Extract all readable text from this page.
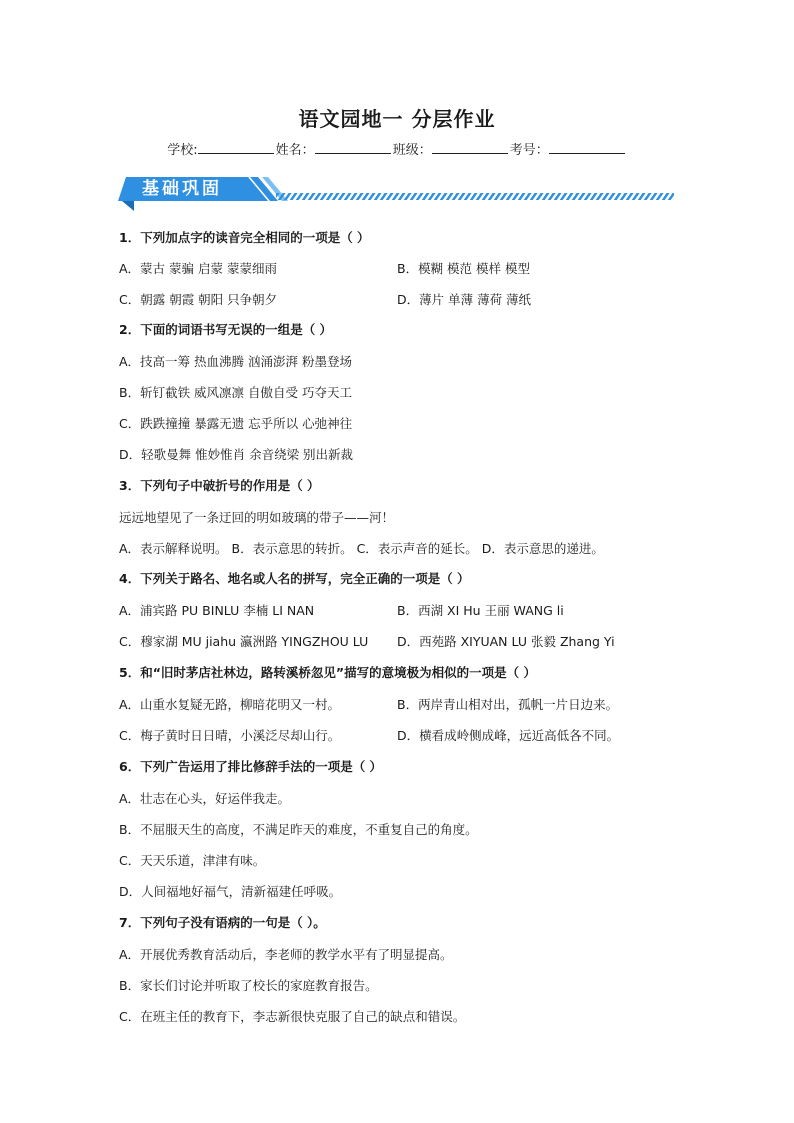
语文园地一 分层作业
学校:	姓名：	班级：	考号：
基础巩固
1．下列加点字的读音完全相同的一项是（ ）
A．蒙古 蒙骗 启蒙 蒙蒙细雨	B．模糊 模范 模样 模型
C．朝露 朝霞 朝阳 只争朝夕	D．薄片 单薄 薄荷 薄纸
2．下面的词语书写无误的一组是（ ）
A．技高一筹 热血沸腾 汹涌澎湃 粉墨登场
B．斩钉截铁 威风凛凛 自傲自受 巧夺天工
C．跌跌撞撞 暴露无遗 忘乎所以 心弛神往
D．轻歌曼舞 惟妙惟肖 余音绕梁 别出新裁
3．下列句子中破折号的作用是（ ）
远远地望见了一条迂回的明如玻璃的带子——河！
A．表示解释说明。 B．表示意思的转折。 C．表示声音的延长。 D．表示意思的递进。
4．下列关于路名、地名或人名的拼写，完全正确的一项是（ ）
A．浦宾路 PU BINLU 李楠 LI NAN	B．西湖 XI Hu 王丽 WANG li
C．穆家湖 MU jiahu 瀛洲路 YINGZHOU LU D．西苑路 XIYUAN LU 张毅 Zhang Yi
5．和“旧时茅店社林边，路转溪桥忽见”描写的意境极为相似的一项是（ ）
A．山重水复疑无路，柳暗花明又一村。	B．两岸青山相对出，孤帆一片日边来。
C．梅子黄时日日晴，小溪泛尽却山行。	D．横看成岭侧成峰，远近高低各不同。
6．下列广告运用了排比修辞手法的一项是（ ）
A．壮志在心头，好运伴我走。
B．不屈服天生的高度，不满足昨天的难度，不重复自己的角度。
C．天天乐道，津津有味。
D．人间福地好福气，清新福建任呼吸。
7．下列句子没有语病的一句是（ ）。
A．开展优秀教育活动后，李老师的教学水平有了明显提高。
B．家长们讨论并听取了校长的家庭教育报告。
C．在班主任的教育下，李志新很快克服了自己的缺点和错误。
